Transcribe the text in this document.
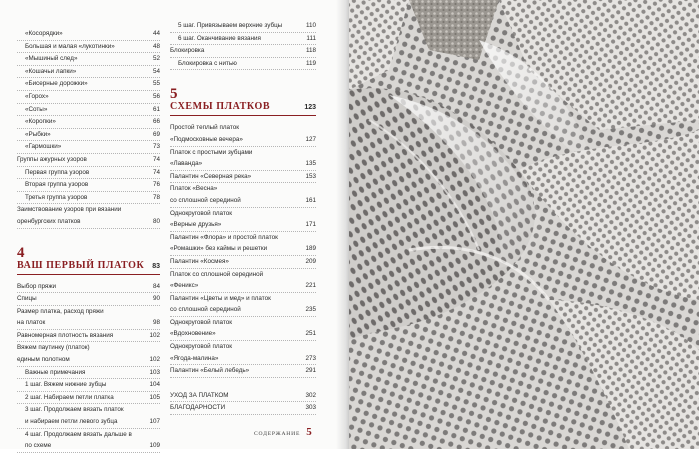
«Косорядки»	44
Большая и малая «лукотинки»	48
«Мышиный след»	52
«Кошачьи лапки»	54
«Бисерные дорожки»	55
«Горох»	56
«Соты»	61
«Коропки»	66
«Рыбки»	69
«Гармошки»	73
Группы ажурных узоров	74
Первая группа узоров	74
Вторая группа узоров	76
Третья группа узоров	78
Заимствование узоров при вязании
оренбургских платков	80
4
ВАШ ПЕРВЫЙ ПЛАТОК	83
Выбор пряжи	84
Спицы	90
Размер платка, расход пряжи
на платок	98
Равномерная плотность вязания	102
Вяжем паутинку (платок)
единым полотном	102
Важные примечания	103
1 шаг. Вяжем нижние зубцы	104
2 шаг. Набираем петли платка	105
3 шаг. Продолжаем вязать платок
и набираем петли левого зубца	107
4 шаг. Продолжаем вязать дальше в
по схеме	109
5 шаг. Привязываем верхние зубцы	110
6 шаг. Оканчивание вязания	111
Блокировка	118
Блокировка с нитью	119
5
СХЕМЫ ПЛАТКОВ	123
Простой теплый платок
«Подмосковные вечера»	127
Платок с простыми зубцами
«Лаванда»	135
Палантин «Северная река»	153
Платок «Весна»
со сплошной серединой	161
Однокруговой платок
«Верные друзья»	171
Палантин «Флора» и простой платок
«Ромашки» без каймы и решетки	189
Палантин «Космея»	209
Платок со сплошной серединой
«Феникс»	221
Палантин «Цветы и мед» и платок
со сплошной серединой	235
Однокруговой платок
«Вдохновение»	251
Однокруговой платок
«Ягода-малина»	273
Палантин «Белый лебедь»	291
УХОД ЗА ПЛАТКОМ	302
БЛАГОДАРНОСТИ	303
СОДЕРЖАНИЕ 5
